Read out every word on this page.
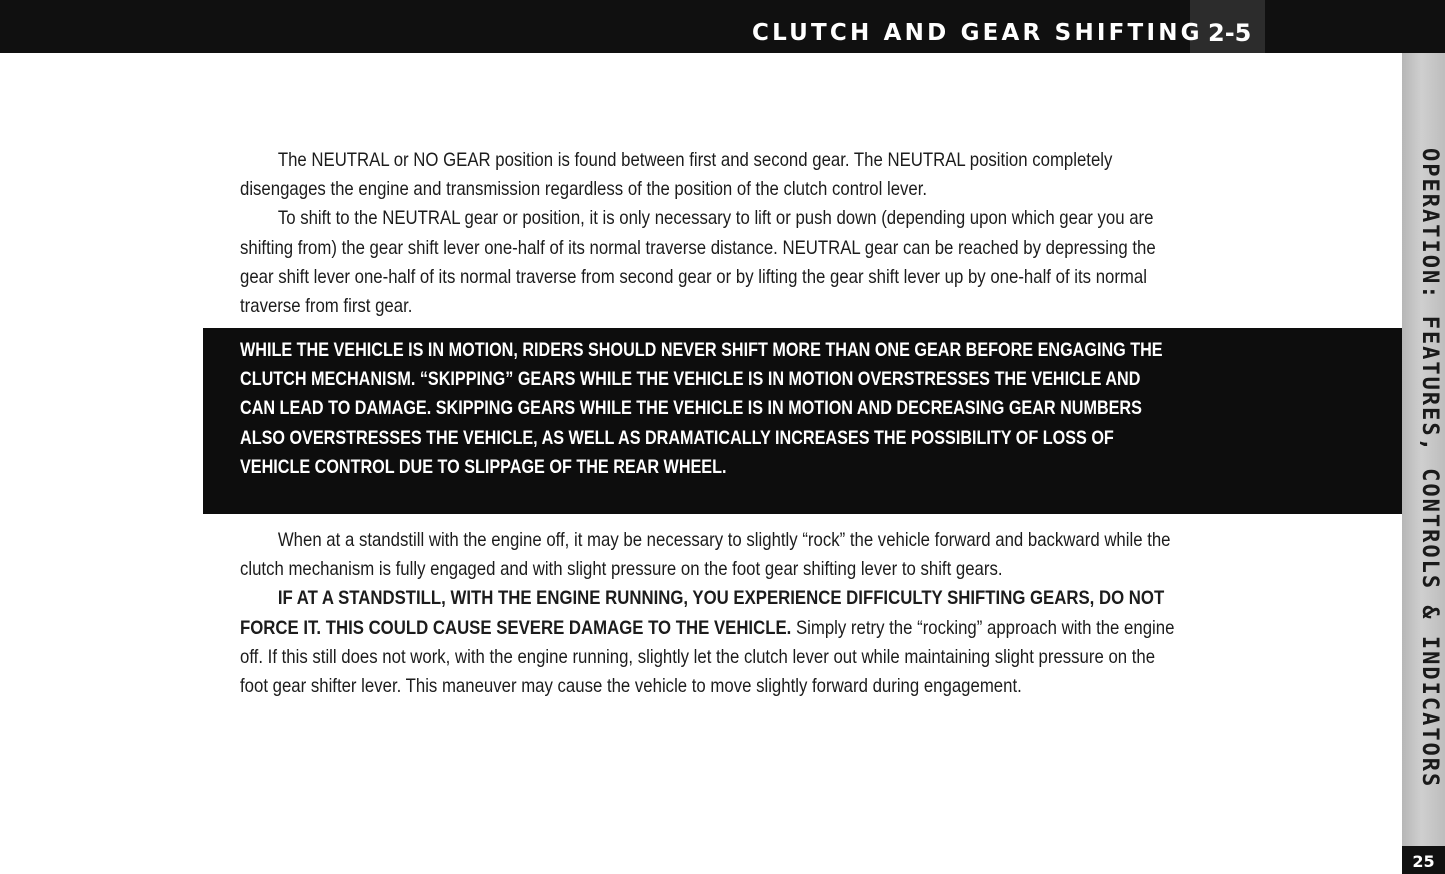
CLUTCH AND GEAR SHIFTING 2-5
OPERATION: FEATURES, CONTROLS & INDICATORS
25

The NEUTRAL or NO GEAR position is found between first and second gear. The NEUTRAL position completely disengages the engine and transmission regardless of the position of the clutch control lever.

To shift to the NEUTRAL gear or position, it is only necessary to lift or push down (depending upon which gear you are shifting from) the gear shift lever one-half of its normal traverse distance. NEUTRAL gear can be reached by depressing the gear shift lever one-half of its normal traverse from second gear or by lifting the gear shift lever up by one-half of its normal traverse from first gear.

WHILE THE VEHICLE IS IN MOTION, RIDERS SHOULD NEVER SHIFT MORE THAN ONE GEAR BEFORE ENGAGING THE CLUTCH MECHANISM. “SKIPPING” GEARS WHILE THE VEHICLE IS IN MOTION OVERSTRESSES THE VEHICLE AND CAN LEAD TO DAMAGE. SKIPPING GEARS WHILE THE VEHICLE IS IN MOTION AND DECREASING GEAR NUMBERS ALSO OVERSTRESSES THE VEHICLE, AS WELL AS DRAMATICALLY INCREASES THE POSSIBILITY OF LOSS OF VEHICLE CONTROL DUE TO SLIPPAGE OF THE REAR WHEEL.

When at a standstill with the engine off, it may be necessary to slightly “rock” the vehicle forward and backward while the clutch mechanism is fully engaged and with slight pressure on the foot gear shifting lever to shift gears.

IF AT A STANDSTILL, WITH THE ENGINE RUNNING, YOU EXPERIENCE DIFFICULTY SHIFTING GEARS, DO NOT FORCE IT. THIS COULD CAUSE SEVERE DAMAGE TO THE VEHICLE. Simply retry the “rocking” approach with the engine off. If this still does not work, with the engine running, slightly let the clutch lever out while maintaining slight pressure on the foot gear shifter lever. This maneuver may cause the vehicle to move slightly forward during engagement.
